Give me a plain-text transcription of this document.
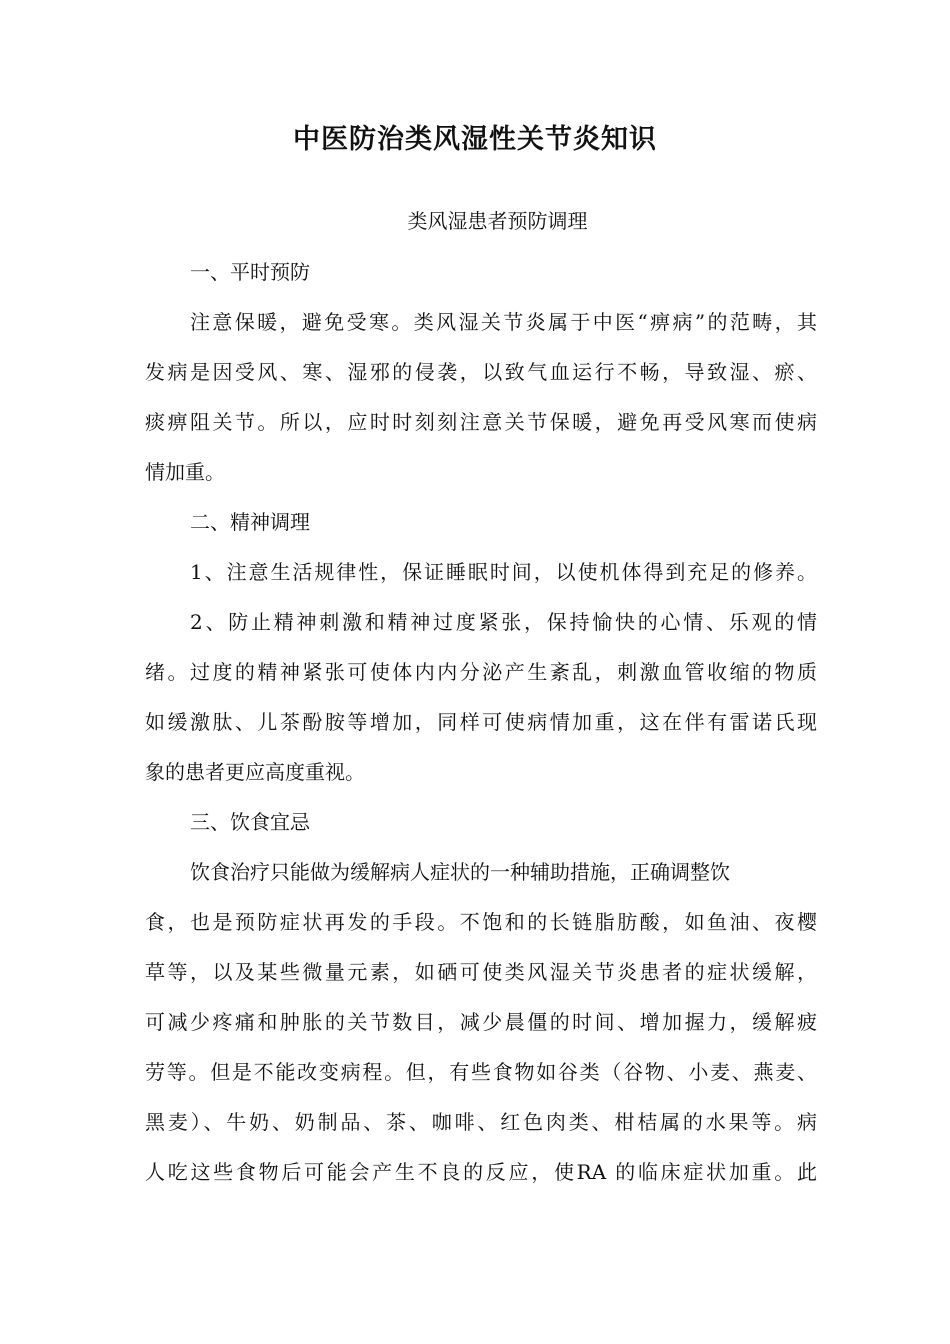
中医防治类风湿性关节炎知识
类风湿患者预防调理
一、平时预防
注意保暖，避免受寒。类风湿关节炎属于中医“痹病”的范畴，其
发病是因受风、寒、湿邪的侵袭，以致气血运行不畅，导致湿、瘀、
痰痹阻关节。所以，应时时刻刻注意关节保暖，避免再受风寒而使病
情加重。
二、精神调理
1、注意生活规律性，保证睡眠时间，以使机体得到充足的修养。
2、防止精神刺激和精神过度紧张，保持愉快的心情、乐观的情
绪。过度的精神紧张可使体内内分泌产生紊乱，刺激血管收缩的物质
如缓激肽、儿茶酚胺等增加，同样可使病情加重，这在伴有雷诺氏现
象的患者更应高度重视。
三、饮食宜忌
饮食治疗只能做为缓解病人症状的一种辅助措施，正确调整饮
食，也是预防症状再发的手段。不饱和的长链脂肪酸，如鱼油、夜樱
草等，以及某些微量元素，如硒可使类风湿关节炎患者的症状缓解，
可减少疼痛和肿胀的关节数目，减少晨僵的时间、增加握力，缓解疲
劳等。但是不能改变病程。但，有些食物如谷类（谷物、小麦、燕麦、
黑麦）、牛奶、奶制品、茶、咖啡、红色肉类、柑桔属的水果等。病
人吃这些食物后可能会产生不良的反应，使RA 的临床症状加重。此
